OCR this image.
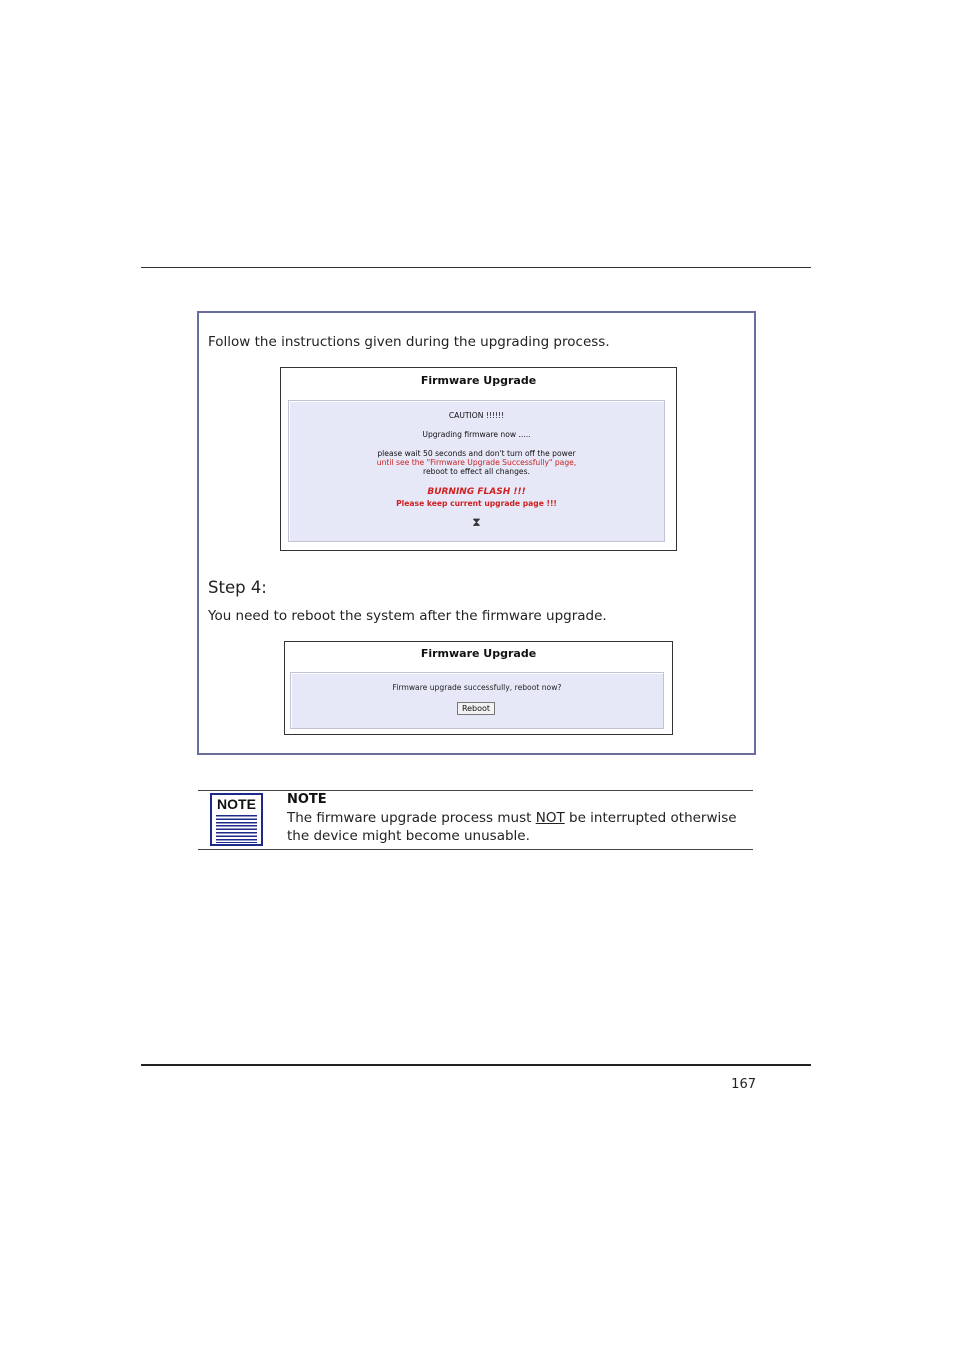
Follow the instructions given during the upgrading process.
Firmware Upgrade
CAUTION !!!!!!
Upgrading firmware now .....
please wait 50 seconds and don't turn off the power
until see the "Firmware Upgrade Successfully" page,
reboot to effect all changes.
BURNING FLASH !!!
Please keep current upgrade page !!!
⧗
Step 4:
You need to reboot the system after the firmware upgrade.
Firmware Upgrade
Firmware upgrade successfully, reboot now?
Reboot
NOTE	NOTE
The firmware upgrade process must NOT be interrupted otherwise the device might become unusable.
167
